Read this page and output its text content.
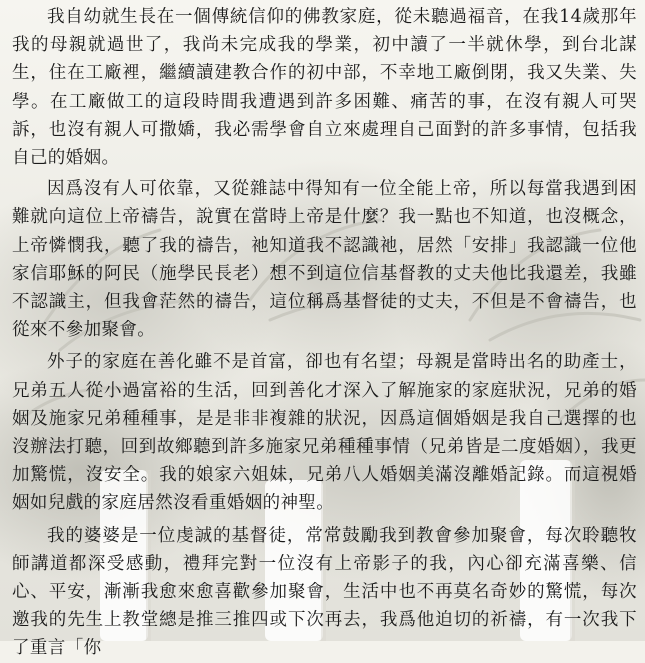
我自幼就生長在一個傳統信仰的佛教家庭，從未聽過福音，在我14歲那年我的母親就過世了，我尚未完成我的學業，初中讀了一半就休學，到台北謀生，住在工廠裡，繼續讀建教合作的初中部，不幸地工廠倒閉，我又失業、失學。在工廠做工的這段時間我遭遇到許多困難、痛苦的事，在沒有親人可哭訴，也沒有親人可撒嬌，我必需學會自立來處理自己面對的許多事情，包括我自己的婚姻。

因爲沒有人可依靠，又從雜誌中得知有一位全能上帝，所以每當我遇到困難就向這位上帝禱告，說實在當時上帝是什麼？我一點也不知道，也沒概念，上帝憐憫我，聽了我的禱告，祂知道我不認識祂，居然「安排」我認識一位他家信耶穌的阿民（施學民長老）想不到這位信基督教的丈夫他比我還差，我雖不認識主，但我會茫然的禱告，這位稱爲基督徒的丈夫，不但是不會禱告，也從來不參加聚會。

外子的家庭在善化雖不是首富，卻也有名望；母親是當時出名的助產士，兄弟五人從小過富裕的生活，回到善化才深入了解施家的家庭狀況，兄弟的婚姻及施家兄弟種種事，是是非非複雜的狀況，因爲這個婚姻是我自己選擇的也沒辦法打聽，回到故鄉聽到許多施家兄弟種種事情（兄弟皆是二度婚姻），我更加驚慌，沒安全。我的娘家六姐妹，兄弟八人婚姻美滿沒離婚記錄。而這視婚姻如兒戲的家庭居然沒看重婚姻的神聖。

我的婆婆是一位虔誠的基督徒，常常鼓勵我到教會參加聚會，每次聆聽牧師講道都深受感動，禮拜完對一位沒有上帝影子的我，內心卻充滿喜樂、信心、平安，漸漸我愈來愈喜歡參加聚會，生活中也不再莫名奇妙的驚慌，每次邀我的先生上教堂總是推三推四或下次再去，我爲他迫切的祈禱，有一次我下了重言「你
